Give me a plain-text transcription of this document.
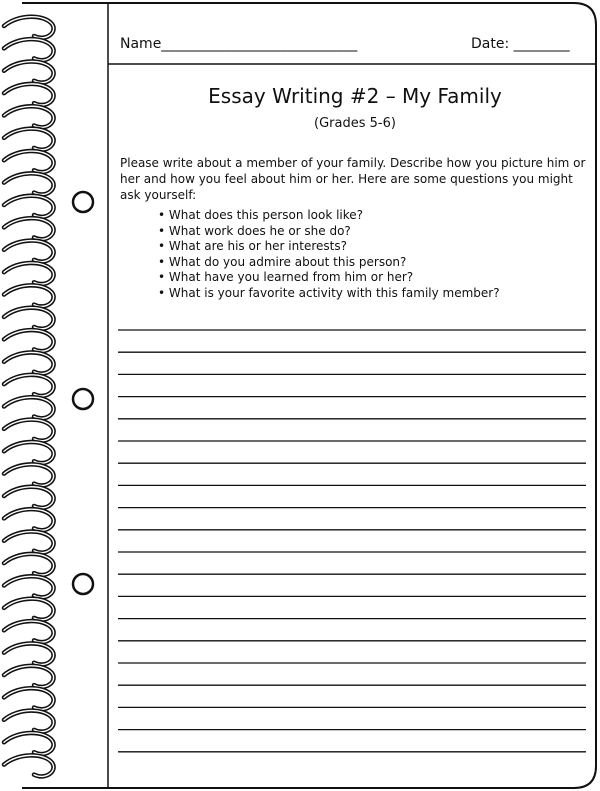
Name____________________________	Date: ________
Essay Writing #2 – My Family
(Grades 5-6)
Please write about a member of your family. Describe how you picture him or her and how you feel about him or her. Here are some questions you might ask yourself:
• What does this person look like?
• What work does he or she do?
• What are his or her interests?
• What do you admire about this person?
• What have you learned from him or her?
• What is your favorite activity with this family member?
